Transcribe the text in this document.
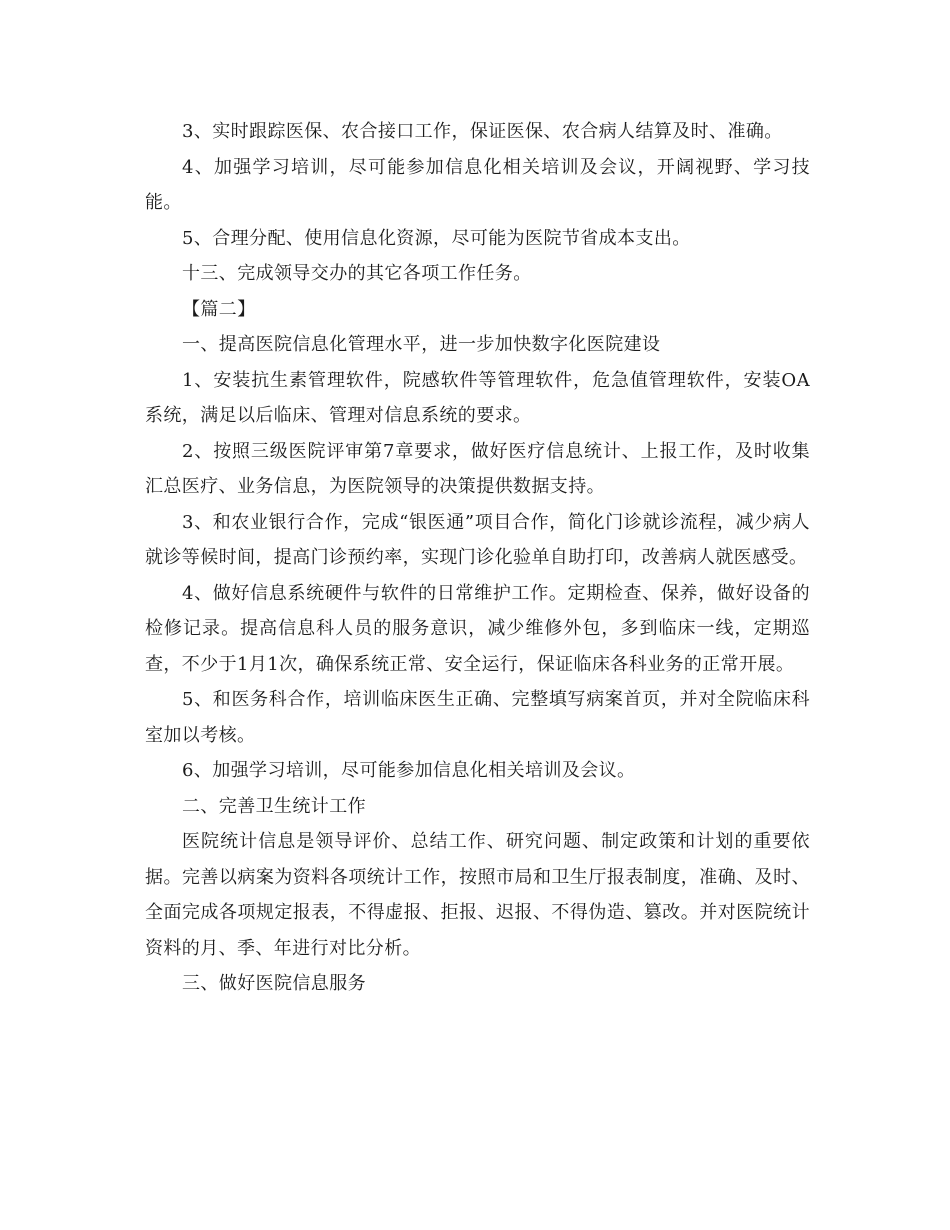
3、实时跟踪医保、农合接口工作，保证医保、农合病人结算及时、准确。

4、加强学习培训，尽可能参加信息化相关培训及会议，开阔视野、学习技能。

5、合理分配、使用信息化资源，尽可能为医院节省成本支出。

十三、完成领导交办的其它各项工作任务。

【篇二】

一、提高医院信息化管理水平，进一步加快数字化医院建设

1、安装抗生素管理软件，院感软件等管理软件，危急值管理软件，安装OA系统，满足以后临床、管理对信息系统的要求。

2、按照三级医院评审第7章要求，做好医疗信息统计、上报工作，及时收集汇总医疗、业务信息，为医院领导的决策提供数据支持。

3、和农业银行合作，完成“银医通”项目合作，简化门诊就诊流程，减少病人就诊等候时间，提高门诊预约率，实现门诊化验单自助打印，改善病人就医感受。

4、做好信息系统硬件与软件的日常维护工作。定期检查、保养，做好设备的检修记录。提高信息科人员的服务意识，减少维修外包，多到临床一线，定期巡查，不少于1月1次，确保系统正常、安全运行，保证临床各科业务的正常开展。

5、和医务科合作，培训临床医生正确、完整填写病案首页，并对全院临床科室加以考核。

6、加强学习培训，尽可能参加信息化相关培训及会议。

二、完善卫生统计工作

医院统计信息是领导评价、总结工作、研究问题、制定政策和计划的重要依据。完善以病案为资料各项统计工作，按照市局和卫生厅报表制度，准确、及时、全面完成各项规定报表，不得虚报、拒报、迟报、不得伪造、篡改。并对医院统计资料的月、季、年进行对比分析。

三、做好医院信息服务
